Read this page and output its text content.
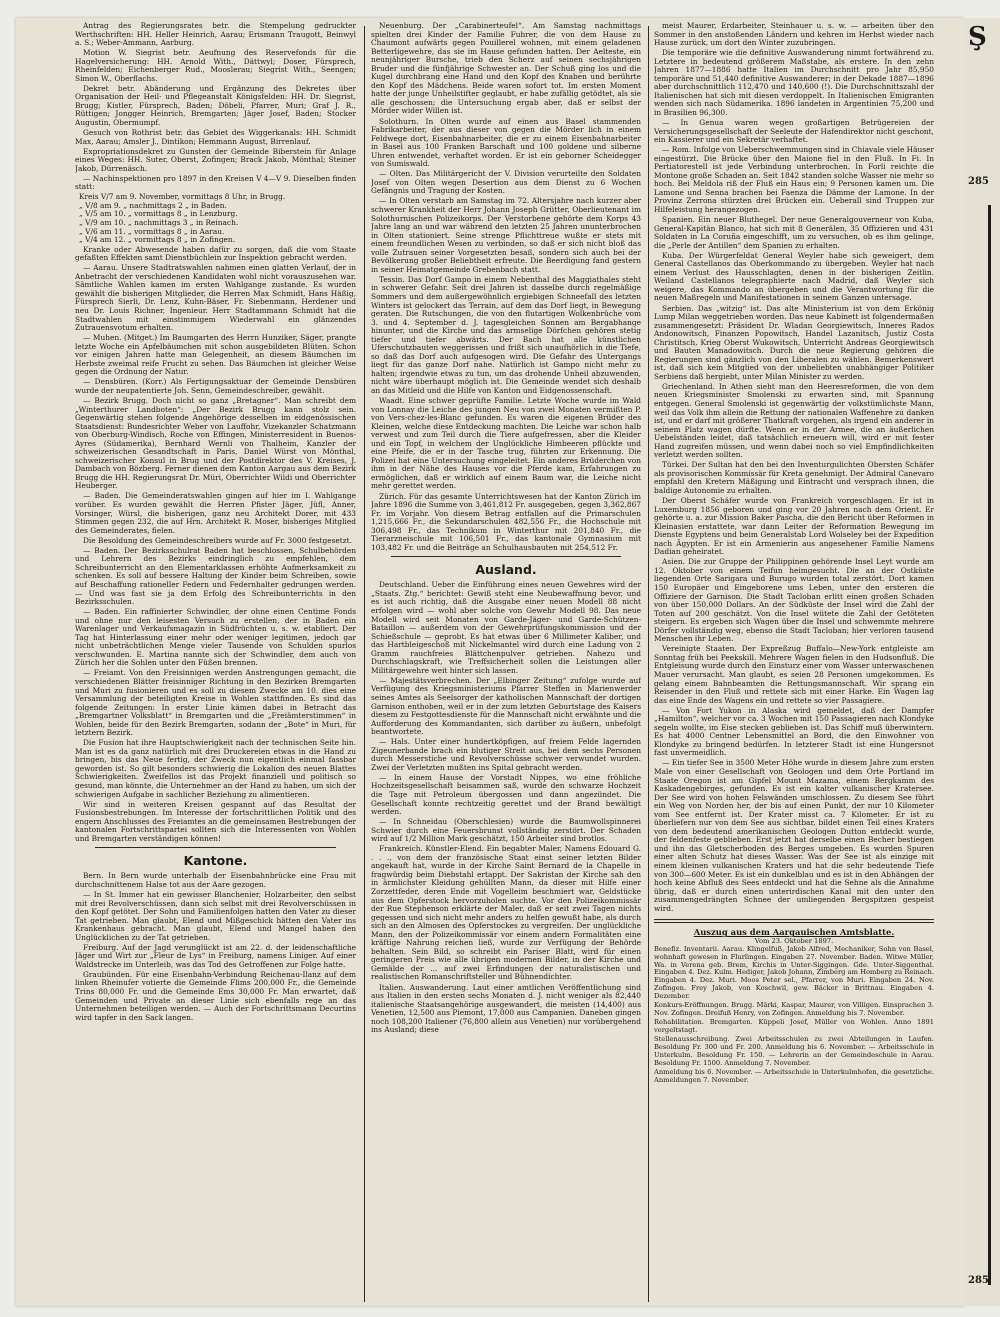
Antrag des Regierungsrates betr. die Stempelung gedruckter Werthschriften: HH. Heller Heinrich, Aarau; Erismann Traugott, Beinwyl a. S.; Weber-Ammann, Aarburg.

Motion W. Siegrist betr. Aeufnung des Reservefonds für die Hagelversicherung: HH. Arnold With., Dättwyl; Doser, Fürsprech, Rheinfelden; Eichenberger Rud., Mooslerau; Siegrist With., Seengen; Simon W., Oberflachs.

Dekret betr. Abänderung und Ergänzung des Dekretes über Organisation der Heil- und Pflegeanstalt Königsfelden: HH. Dr. Siegrist, Brugg; Kistler, Fürsprech, Baden; Döbeli, Pfarrer, Muri; Graf J. R., Rüttigen; Jongger Heinrich, Bremgarten; Jäger Josef, Baden; Stocker Augustin, Obermumpf.

Gesuch von Rothrist betr. das Gebiet des Wiggerkanals: HH. Schmidt Max, Aarau; Amsler J., Dintikon; Hemmann August, Birrenlauf.

Expropriationsdekret zu Gunsten der Gemeinde Biberstein für Anlage eines Weges: HH. Suter, Oberst, Zofingen; Brack Jakob, Mönthal; Steiner Jakob, Dürrenäsch.

— Nachinspektionen pro 1897 in den Kreisen V 4—V 9. Dieselben finden statt:

Kreis V/7 am 9. November, vormittags 8 Uhr, in Brugg.
„ V/8 am 9. „ nachmittags 2 „ in Baden.
„ V/5 am 10. „ vormittags 8 „ in Lenzburg.
„ V/9 am 10. „ nachmittags 3 „ in Reinach.
„ V/6 am 11. „ vormittags 8 „ in Aarau.
„ V/4 am 12. „ vormittags 8 „ in Zofingen.

Kranke oder Abwesende haben dafür zu sorgen, daß die vom Staate gefaßten Effekten samt Dienstbüchlein zur Inspektion gebracht werden.

— Aarau. Unsere Stadtratswahlen nahmen einen glatten Verlauf, der in Anbetracht der verschiedenen Kandidaten wohl nicht vorauszusehen war. Sämtliche Wahlen kamen im ersten Wahlgange zustande. Es wurden gewählt die bisherigen Mitglieder, die Herren Max Schmidt, Hans Häßig, Fürsprech Sierli, Dr. Lenz, Kuhn-Bäser, Fr. Siebenmann, Herdener und neu Dr. Louis Richner, Ingenieur. Herr Stadtammann Schmidt hat die Stadtwahlen mit einstimmigem Wiederwahl ein glänzendes Zutrauensvotum erhalten.

— Muhen. (Mitget.) Im Baumgarten des Herrn Hunziker, Säger, prangte letzte Woche ein Apfelbäumchen mit schon ausgebildeten Blüten. Schon vor einigen Jahren hatte man Gelegenheit, an diesem Bäumchen im Herbste zweimal reife Frucht zu sehen. Das Bäumchen ist gleicher Weise gegen die Ordnung der Natur.

— Densbüren. (Korr.) Als Fertigungsaktuar der Gemeinde Densbüren wurde der neupatentierte Joh. Senn, Gemeindeschreiber, gewählt.

— Bezirk Brugg. Doch nicht so ganz „Bretagner“. Man schreibt dem „Winterthurer Landboten“: „Der Bezirk Brugg kann stolz sein. Gegenwärtig stehen folgende Angehörige desselben im eidgenössischen Staatsdienst: Bundesrichter Weber von Lauffohr, Vizekanzler Schatzmann von Oberburg-Windisch, Roche von Effingen, Ministerresident in Buenos-Ayres (Südamerika), Bernhard Wernli von Thalheim, Kanzler der schweizerischen Gesandtschaft in Paris, Daniel Würst von Mönthal, schweizerischer Konsul in Brug und der Postdirektor des V. Kreises, J. Dambach von Bözberg. Ferner dienen dem Kanton Aargau aus dem Bezirk Brugg die HH. Regierungsrat Dr. Müri, Oberrichter Wildi und Oberrichter Heuberger.

— Baden. Die Gemeinderatswahlen gingen auf hier im I. Wahlgange vorüber. Es wurden gewählt die Herren Pfister Jäger, Jüfl, Anner, Vorsinger, Würsl, die bisherigen, ganz neu Architekt Dorer, mit 433 Stimmen gegen 232, die auf Hrn. Architekt R. Moser, bisheriges Mitglied des Gemeinderates, fielen.

Die Besoldung des Gemeindeschreibers wurde auf Fr. 3000 festgesetzt.

— Baden. Der Bezirksschulrat Baden hat beschlossen, Schulbehörden und Lehrern des Bezirks eindringlich zu empfehlen, dem Schreibunterricht an den Elementarklassen erhöhte Aufmerksamkeit zu schenken. Es soll auf bessere Haltung der Kinder beim Schreiben, sowie auf Beschaffung rationeller Federn und Federnhalter gedrungen werden. — Und was fast sie ja dem Erfolg des Schreibunterrichts in den Bezirksschulen.

— Baden. Ein raffinierter Schwindler, der ohne einen Centime Fonds und ohne nur den leisesten Versuch zu erstellen, der in Baden ein Warenlager und Verkaufsmagazin in Südfrüchten u. s. w. etabliert. Der Tag hat Hinterlassung einer mehr oder weniger legitimen, jedoch gar nicht unbeträchtlichen Menge vieler Tausende von Schulden spurlos verschwunden. E. Martina nannte sich der Schwindler, dem auch von Zürich her die Sohlen unter den Füßen brennen.

— Freiamt. Von den Freisinnigen werden Anstrengungen gemacht, die verschiedenen Blätter freisinniger Richtung in den Bezirken Bremgarten und Muri zu fusionieren und es soll zu diesem Zwecke am 10. dies eine Versammlung der beteiligten Kreise in Wohlen stattfinden. Es sind das folgende Zeitungen: In erster Linie kämen dabei in Betracht das „Bremgartner Volksblatt“ in Bremgarten und die „Freiämterstimmen“ in Wohlen, beide für den Bezirk Bremgarten, sodann der „Bote“ in Muri, für letztern Bezirk.

Die Fusion hat ihre Hauptschwierigkeit nach der technischen Seite hin. Man ist es da ganz natürlich mit drei Druckereien etwas in die Hand zu bringen, bis das Neue fertig, der Zweck nun eigentlich einmal fassbar geworden ist. So gilt besonders schwierig die Lokalion des neuen Blattes Schwierigkeiten. Zweifellos ist das Projekt finanziell und politisch so gesund, man könnte, die Unternehmer an der Hand zu haben, um sich der schwierigen Aufgabe in sachlicher Beziehung zu alimentieren.

Wir sind in weiteren Kreisen gespannt auf das Resultat der Fusionsbestrebungen. Im Interesse der fortschrittlichen Politik und des engern Anschlusses des Freiamtes an die gemeinsamen Bestrebungen der kantonalen Fortschrittspartei sollten sich die Interessenten von Wohlen und Bremgarten verständigen können!

Kantone.

Bern. In Bern wurde unterhalb der Eisenbahnbrücke eine Frau mit durchschnittenem Halse tot aus der Aare gezogen.

— In St. Immer hat ein gewisser Blanchenier, Holzarbeiter, den selbst mit drei Revolverschüssen, dann sich selbst mit drei Revolverschüssen in den Kopf getötet. Der Sohn und Familienfolgen hatten den Vater zu dieser Tat getrieben. Man glaubt, Elend und Mißgeschick hätten den Vater ins Krankenhaus gebracht. Man glaubt, Elend und Mangel haben den Unglücklichen zu der Tat getrieben.

Freiburg. Auf der Jagd verunglückt ist am 22. d. der leidenschaftliche Jäger und Wirt zur „Fleur de Lys“ in Freiburg, namens Liniger. Auf einer Waldstrecke im Unterleib, was das Tod des Getroffenen zur Folge hatte.

Graubünden. Für eine Eisenbahn-Verbindung Reichenau-Ilanz auf dem linken Rheinufer votierte die Gemeinde Flims 200,000 Fr., die Gemeinde Trins 80,000 Fr. und die Gemeinde Ems 30,000 Fr. Man erwartet, daß Gemeinden und Private an dieser Linie sich ebenfalls rege an das Unternehmen beteiligen werden. — Auch der Fortschrittsmann Decurtins wird tapfer in den Sack langen.

Neuenburg. Der „Carabinerteufel“. Am Samstag nachmittags spielten drei Kinder der Familie Fuhrer, die von dem Hause zu Chaumont aufwärts gegen Pouillerel wohnen, mit einem geladenen Betterligewehre, das sie im Hause gefunden hatten. Der Aelteste, ein neunjähriger Bursche, trieb den Scherz auf seinen sechsjährigen Bruder und die fünfjährige Schwester an. Der Schuß ging los und die Kugel durchbrang eine Hand und den Kopf des Knaben und berührte den Kopf des Mädchens. Beide waren sofort tot. Im ersten Moment hatte der junge Unheilstifter geglaubt, er habe zufällig getödtet, als sie alle geschossen; die Untersuchung ergab aber, daß er selbst der Mörder wider Willen ist.

Solothurn. In Olten wurde auf einen aus Basel stammenden Fabrikarbeiter, der aus dieser von gegen die Mörder lich in einem Feldwege dort, Eisenbahnarbeiter, die er zu einem Eisenbahnarbeiter in Basel aus 100 Franken Barschaft und 100 goldene und silberne Uhren entwendet, verhaftet worden. Er ist ein geborner Scheidegger von Sumiswald.

— Olten. Das Militärgericht der V. Division verurteilte den Soldaten Josef von Olten wegen Desertion aus dem Dienst zu 6 Wochen Gefängnis und Tragung der Kosten.

— In Olten verstarb am Samstag im 72. Altersjahre nach kurzer aber schwerer Krankheit der Herr Johann Joseph Grütter, Oberlieutenant im Solothurnischen Polizeikorps. Der Verstorbene gehörte dem Korps 43 Jahre lang an und war während den letzten 25 Jahren ununterbrochen in Olten stationiert. Seine strenge Pflichttreue wußte er stets mit einem freundlichen Wesen zu verbinden, so daß er sich nicht bloß das volle Zutrauen seiner Vorgesetzten besaß, sondern sich auch bei der Bevölkerung großer Beliebtheit erfreute. Die Beerdigung fand gestern in seiner Heimatgemeinde Grebenbach statt.

Tessin. Das Dorf Gampo in einem Nebenthal des Maggiathales steht in schwerer Gefahr. Seit drei Jahren ist dasselbe durch regelmäßige Sommers und dem außergewöhnlich ergiebigen Schneefall des letzten Winters ist gelockert das Terrain, auf dem das Dorf liegt, in Bewegung geraten. Die Rutschungen, die von den flutartigen Wolkenbrüche vom 3. und 4. September d. J. tagesgleichen Sonnen am Bergabhange hinunter, und die Kirche und das armselige Dörfchen gehören stetig tiefer und tiefer abwärts. Der Bach hat alle künstlichen Uferschutzbauten weggerissen und frißt sich unaufhörlich in die Tiefe, so daß das Dorf auch aufgesogen wird. Die Gefahr des Untergangs liegt für das ganze Dorf nahe. Natürlich ist Gampo nicht mehr zu halten; irgendwie etwas zu tun, um das drohende Unheil abzuwenden, nicht wäre überhaupt möglich ist. Die Gemeinde wendet sich deshalb an das Mitleid und die Hilfe von Kanton und Eidgenossenschaft.

Waadt. Eine schwer geprüfte Familie. Letzte Woche wurde im Wald von Lonnay die Leiche des jungen Neu von zwei Monaten vermißten P. von Vers-chez-les-Blanc gefunden. Es waren die eigenen Brüder des Kleinen, welche diese Entdeckung machten. Die Leiche war schon halb verwest und zum Teil durch die Tiere aufgefressen, aber die Kleider und ein Topf, in welchem der Unglückliche Himbeeren pflückte und eine Pfeife, die er in der Tasche trug, führten zur Erkennung. Die Polizei hat eine Untersuchung eingeleitet. Ein anderes Brüderchen von ihm in der Nähe des Hauses vor die Pferde kam, Erfahrungen zu ermöglichen, daß er wirklich auf einem Baum war, die Leiche nicht mehr gerettet werden.

Zürich. Für das gesamte Unterrichtswesen hat der Kanton Zürich im Jahre 1896 die Summe von 3,461,812 Fr. ausgegeben, gegen 3,362,867 Fr. im Vorjahr. Von diesem Betrag entfallen auf die Primarschulen 1,215,666 Fr., die Sekundarschulen 482,556 Fr., die Hochschule mit 306,498 Fr., das Technikum in Winterthur mit 201,840 Fr., die Tierarzneischule mit 106,501 Fr., das kantonale Gymnasium mit 103,482 Fr. und die Beiträge an Schulhausbauten mit 254,512 Fr.

Ausland.

Deutschland. Ueber die Einführung eines neuen Gewehres wird der „Staats. Ztg.“ berichtet: Gewiß steht eine Neubewaffnung bevor, und es ist auch richtig, daß die Ausgabe einer neuen Modell 88 nicht erfolgen wird — wohl aber solche von Gewehr Modell 98. Das neue Modell wird seit Monaten von Garde-Jäger- und Garde-Schützen-Bataillon — außerdem von der Gewehrprüfungskommission und der Schießschule — geprobt. Es hat etwas über 6 Millimeter Kaliber, und das Hartbleigeschoß mit Nickelmantel wird durch eine Ladung von 2 Gramm rauchfreies Blättchenpulver getrieben. Nahezu und Durchschlagskraft, wie Treffsicherheit sollen die Leistungen aller Militärgewehre weit hinter sich lassen.

— Majestätsverbrechen. Der „Elbinger Zeitung“ zufolge wurde auf Verfügung des Kriegsministeriums Pfarrer Steffen in Marienwerder seines Amtes als Seelsorger der katholischen Mannschaft der dortigen Garnison enthoben, weil er in der zum letzten Geburtstage des Kaisers diesem zu Festgottesdienste für die Mannschaft nicht erwähnte und die Aufforderung des Kommandanten, sich darüber zu äußern, unbefolgt beantwortete.

— Hals. Unter einer hundertköpfigen, auf freiem Felde lagernden Zigeunerbande brach ein blutiger Streit aus, bei dem sechs Personen durch Messerstiche und Revolverschüsse schwer verwundet wurden. Zwei der Verletzten mußten ins Spital gebracht werden.

— In einem Hause der Vorstadt Nippes, wo eine fröhliche Hochzeitsgesellschaft beisammen saß, wurde den schwarze Hochzeit die Tage mit Petroleum übergossen und dann angezündet. Die Gesellschaft konnte rechtzeitig gerettet und der Brand bewältigt werden.

— In Schneidau (Oberschlesien) wurde die Baumwollspinnerei Schwier durch eine Feuersbrunst vollständig zerstört. Der Schaden wird auf 1/2 Million Mark geschätzt, 150 Arbeiter sind brotlos.

Frankreich. Künstler-Elend. Ein begabter Maler, Namens Edouard G. . . ., von dem der französische Staat einst seiner letzten Bilder angekauft hat, wurde in der Kirche Saint Bernard de la Chapelle in fragwürdig beim Diebstahl ertappt. Der Sakristan der Kirche sah den in ärmlichster Kleidung gehüllten Mann, da dieser mit Hilfe einer Zorzettfeder, deren Ende mit Vogelleim beschmiert war, Geldstücke aus dem Opferstock hervorzuholen suchte. Vor den Polizeikommissär der Rue Stephenson erklärte der Maler, daß er seit zwei Tagen nichts gegessen und sich nicht mehr anders zu helfen gewußt habe, als durch sich an den Almosen des Opferstockes zu vergreifen. Der unglückliche Mann, den der Polizeikommissär vor einem andern Formalitäten eine kräftige Nahrung reichen ließ, wurde zur Verfügung der Behörde behalten. Sein Bild, so schreibt ein Pariser Blatt, wird für einen geringeren Preis wie alle übrigen modernen Bilder, in der Kirche und Gemälde der ... auf zwei Erfindungen der naturalistischen und realistischen Romanschriftsteller und Bühnendichter.

Italien. Auswanderung. Laut einer amtlichen Veröffentlichung sind aus Italien in den ersten sechs Monaten d. J. nicht weniger als 82,440 italienische Staatsangehörige ausgewandert, die meisten (14,400) aus Venetien, 12,500 aus Piemont, 17,000 aus Campanien. Daneben gingen noch 108,200 Italiener (76,800 allein aus Venetien) nur vorübergehend ins Ausland; diese

meist Maurer, Erdarbeiter, Steinhauer u. s. w. — arbeiten über den Sommer in den anstoßenden Ländern und kehren im Herbst wieder nach Hause zurück, um dort den Winter zuzubringen.

Die temporäre wie die definitive Auswanderung nimmt fortwährend zu. Letztere in bedeutend größerem Maßstabe, als erstere. In den zehn Jahren 1877—1886 hatte Italien im Durchschnitt pro Jahr 85,950 temporäre und 51,440 definitive Auswanderer; in der Dekade 1887—1896 aber durchschnittlich 112,470 und 140,600 (!). Die Durchschnittszahl der Italienischen hat sich mit diesen verdoppelt. In Italienischen Emigranten wenden sich nach Südamerika. 1896 landeten in Argentinien 75,200 und in Brasilien 96,300.

— In Genua waren wegen großartigen Betrügereien der Versicherungsgesellschaft der Seeleute der Hafendirektor nicht geschont, ein Kassierer und ein Sekretär verhaftet.

— Rom. Infolge von Ueberschwemmungen sind in Chiavale viele Häuser eingestürzt. Die Brücke über den Maione fiel in den Fluß. In Fi. In Pertiatorestell ist jede Verbindung unterbrochen. In Forli reichte die Montone große Schaden an. Seit 1842 standen solche Wasser nie mehr so hoch. Bei Meldola riß der Fluß ein Haus ein; 9 Personen kamen um. Die Lamone und Senna brachen bei Faenza die Dämme der Lamone. In der Provinz Zerrona stürzten drei Brücken ein. Ueberall sind Truppen zur Hilfeleistung herangezogen.

Spanien. Ein neuer Bluthegel. Der neue Generalgouverneur von Kuba, General-Kapitän Blanco, hat sich mit 8 Generälen, 35 Offizieren und 431 Soldaten in La Coruña eingeschifft, um zu versuchen, ob es ihm gelinge, die „Perle der Antillen“ dem Spanien zu erhalten.

Kuba. Der Würgerfeldat General Weyler habe sich geweigert, dem General Castellanos das Oberkommando zu übergeben. Weyler hat nach einem Verlust des Hausschlagten, denen in der bisherigen Zeitlin. Weiland Castellanos telegraphierte nach Madrid, daß Weyler sich weigere, das Kommando an übergeben und die Verantwortung für die neuen Maßregeln und Manifestationen in seinem Ganzen untersage.

Serbien. Das „witzig“ ist. Das alte Ministerium ist von dem Erkönig Lump Milan weggetrieben worden. Das neue Kabinett ist folgendermaßen zusammengesetzt: Präsident Dr. Wladan Georgiewitsch, Inneres Rados Andonowitsch, Finanzen Popowitsch, Handel Lazanitsch, Justiz Costa Christitsch, Krieg Oberst Wukowitsch, Unterricht Andreas Georgiewitsch und Bauten Manadowitsch. Durch die neue Regierung gehören die Regierungen sind gänzlich von den Liberalen zu wählen. Bemerkenswert ist, daß sich kein Mitglied von der unbeliebten unabhängiger Politiker Serbiens daß hergiebt, unter Milan Minister zu werden.

Griechenland. In Athen sieht man den Heeresreformen, die von dem neuen Kriegsminister Smolenski zu erwarten sind, mit Spannung entgegen. General Smolenski ist gegenwärtig der volkstümlichste Mann, weil das Volk ihm allein die Rettung der nationalen Waffenehre zu danken ist, und er darf mit größerer Thatkraft vorgehen, als irgend ein anderer in seinem Platz wagen dürfte. Wenn er in der Armee, die an äußerlichen Uebelständen leidet, daß tatsächlich erneuern will, wird er mit fester Hand zugreifen müssen, und wenn dabei noch so viel Empfindlichkeiten verletzt werden sollten.

Türkei. Der Sultan hat den bei den Inventurgulichten Obersten Schäfer als provisorischen Kommissär für Kreta genehmigt. Der Admiral Canevaro empfahl den Kretern Mäßigung und Eintracht und versprach ihnen, die baldige Autonomie zu erhalten.

Der Oberst Schäfer wurde von Frankreich vorgeschlagen. Er ist in Luxemburg 1856 geboren und ging vor 20 Jahren nach dem Orient. Er gehörte u. a. zur Mission Baker Pascha, die den Bericht über Reformen in Kleinasien erstattete, war dann Leiter der Reformation Bewegung im Dienste Egyptens und beim Generalstab Lord Wolseley bei der Expedition nach Ägypten. Er ist ein Armenierin aus angesehener Familie Namens Dadian geheiratet.

Asien. Die zur Gruppe der Philippinen gehörende Insel Leyt wurde am 12. Oktober von einem Teifun heimgesucht. Die an der Ostküste liegenden Orte Sarigara und Burugo wurden total zerstört. Dort kamen 150 Europäer und Eingeborene ums Leben, unter den ersteren die Offiziere der Garnison. Die Stadt Tacloban erlitt einen großen Schaden von über 150,000 Dollars. An der Südküste der Insel wird die Zahl der Toten auf 200 geschätzt. Von die Insel wütete die Zahl der Getöteten steigern. Es ergeben sich Wagen über die Insel und schwemmte mehrere Dörfer vollständig weg, ebenso die Stadt Tacloban; hier verloren tausend Menschen ihr Leben.

Vereinigte Staaten. Der Expreßzug Buffalo—New-York entgleiste am Sonntag früh bei Peekskill. Mehrere Wagen fielen in den Hudsonfluß. Die Entgleisung wurde durch den Einsturz einer vom Wasser unterwaschenen Mauer verursacht. Man glaubt, es seien 28 Personen umgekommen. Es gelang einem Bahnbeamten die Rettungsmannschaft. Wir sprang ein Reisender in den Fluß und rettete sich mit einer Harke. Ein Wagen lag das eine Ende des Wagens ein und rettete so vier Passagiere.

— Von Fort Yukon in Alaska wird gemeldet, daß der Dampfer „Hamilton“, welcher vor ca. 3 Wochen mit 150 Passagieren nach Klondyke segeln wollte, im Eise stecken geblieben ist. Das Schiff muß überwintern. Es hat 4000 Centner Lebensmittel an Bord, die den Einwohner von Klondyke zu bringend bedürfen. In letzterer Stadt ist eine Hungersnot fast unvermeidlich.

— Ein tiefer See in 3500 Meter Höhe wurde in diesem Jahre zum ersten Male von einer Gesellschaft von Geologen und dem Orte Portland im Staate Oregon ist am Gipfel Mount Mazama, einem Bergkamm des Kaskadengebirges, gefunden. Es ist ein kalter vulkanischer Kratersee. Der See wird von hohen Felswänden umschlossen. Zu diesem See führt ein Weg von Norden her, der bis auf einen Punkt, der nur 10 Kilometer vom See entfernt ist. Der Krater misst ca. 7 Kilometer. Er ist zu überliefern nur von dem See aus sichtbar, bildet einen Teil eines Kraters von dem bedeutend amerikanischen Geologen Dutton entdeckt wurde, der feldenfeste geblieben. Erst jetzt hat derselbe einen Becher bestiegen und ihn das Gletscherboden des Berges umgeben. Es wurden Spuren einer alten Schutz hat dieses Wasser. Was der See ist als einzige mit einem kleinen vulkanischen Kraters und hat die sehr bedeutende Tiefe von 300—600 Meter. Es ist ein dunkelblau und es ist in den Abhängen der hoch keine Abfluß des Sees entdeckt und hat die Sehne als die Annahme übrig, daß er durch einen unterirdischen Kanal mit den unter den zusammengedrängten Schnee der umliegenden Bergspitzen gespeist wird.

Auszug aus dem Aargauischen Amtsblatte.
Vom 23. Oktober 1897.

Benefiz. Inventarii. Aarau. Klingelfuß, Jakob Alfred, Mechaniker, Sohn von Basel, wohnhaft gewesen in Flurlingen. Eingaben 27. November. Baden. Witwe Müller, Wa. in Verena geb. Brem, Kirchis in Unter-Siggingen. Gde. Unter-Siggenthal. Eingaben 4. Dez. Kulm. Hediger, Jakob Johann, Zimberg am Homberg zu Reinach. Eingaben 4. Dez. Muri. Moos Peter sel., Pfarrer, von Muri. Eingaben 24. Nov. Zofingen. Frey Jakob, von Koschwil, gew. Bäcker in Brittnau. Eingaben 4. Dezember.

Konkurs-Eröffnungen. Brugg. Märki, Kaspar, Maurer, von Villigen. Einsprachen 3. Nov. Zofingen. Dreifuß Henry, von Zofingen. Anmeldung bis 7. November.

Rehabilitation. Bremgarten. Küppeli Josef, Müller von Wohlen. Anno 1891 vergeltstagt.

Stellenausschreibung. Zwei Arbeitsschulen zu zwei Abteilungen in Laufen. Besoldung Fr. 300 und Fr. 200. Anmeldung bis 6. November. — Arbeitsschule in Unterkulm. Besoldung Fr. 150. — Lehrerin an der Gemeindeschule in Aarau. Besoldung Fr. 1500. Anmeldung 7. November.

Anmeldung bis 6. November. — Arbeitsschule in Unterkulmhofen, die gesetzliche. Anmeldungen 7. November.

Ş
285
285
